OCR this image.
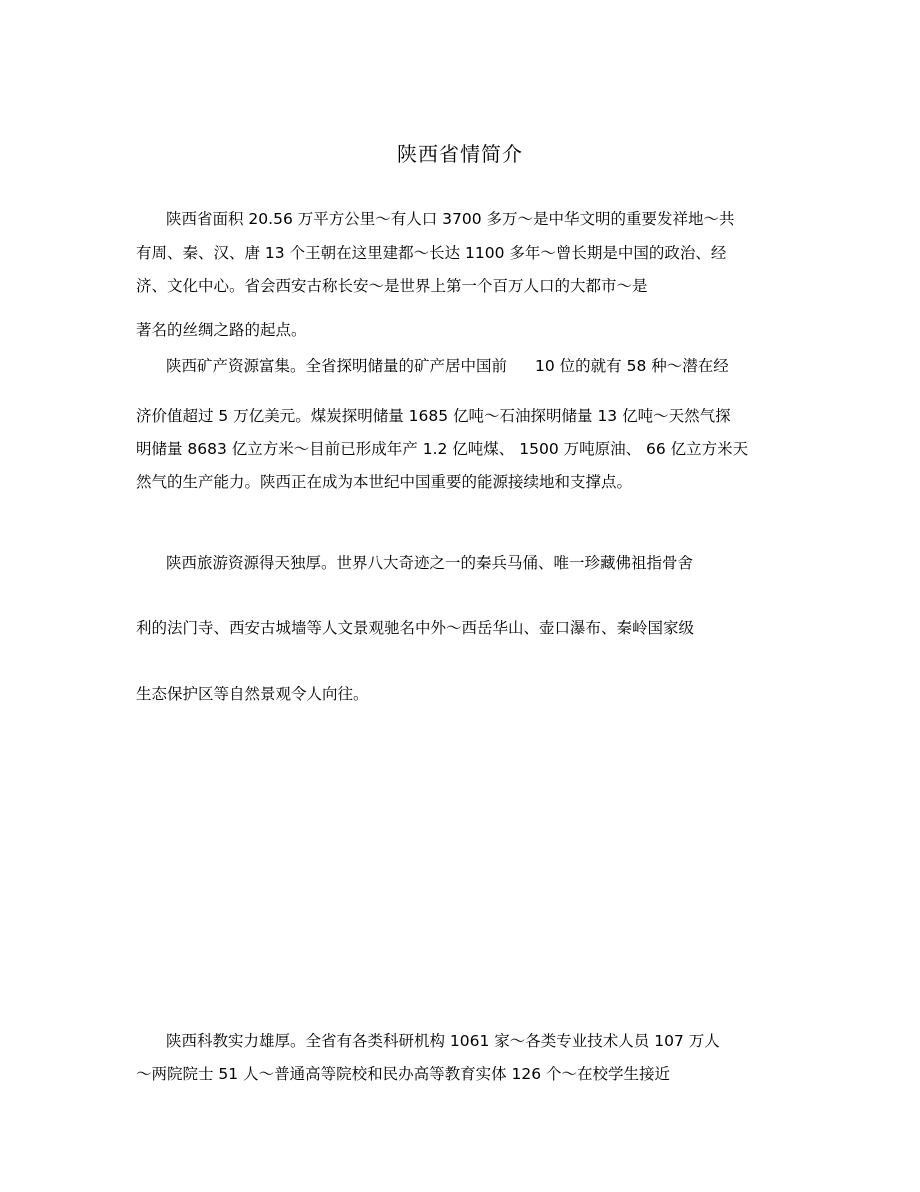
陕西省情简介
陕西省面积 20.56 万平方公里～有人口 3700 多万～是中华文明的重要发祥地～共
有周、秦、汉、唐 13 个王朝在这里建都～长达 1100 多年～曾长期是中国的政治、经
济、文化中心。省会西安古称长安～是世界上第一个百万人口的大都市～是
著名的丝绸之路的起点。
陕西矿产资源富集。全省探明储量的矿产居中国前 10 位的就有 58 种～潜在经
济价值超过 5 万亿美元。煤炭探明储量 1685 亿吨～石油探明储量 13 亿吨～天然气探
明储量 8683 亿立方米～目前已形成年产 1.2 亿吨煤、 1500 万吨原油、 66 亿立方米天
然气的生产能力。陕西正在成为本世纪中国重要的能源接续地和支撑点。
陕西旅游资源得天独厚。世界八大奇迹之一的秦兵马俑、唯一珍藏佛祖指骨舍
利的法门寺、西安古城墙等人文景观驰名中外～西岳华山、壶口瀑布、秦岭国家级
生态保护区等自然景观令人向往。
陕西科教实力雄厚。全省有各类科研机构 1061 家～各类专业技术人员 107 万人
～两院院士 51 人～普通高等院校和民办高等教育实体 126 个～在校学生接近
